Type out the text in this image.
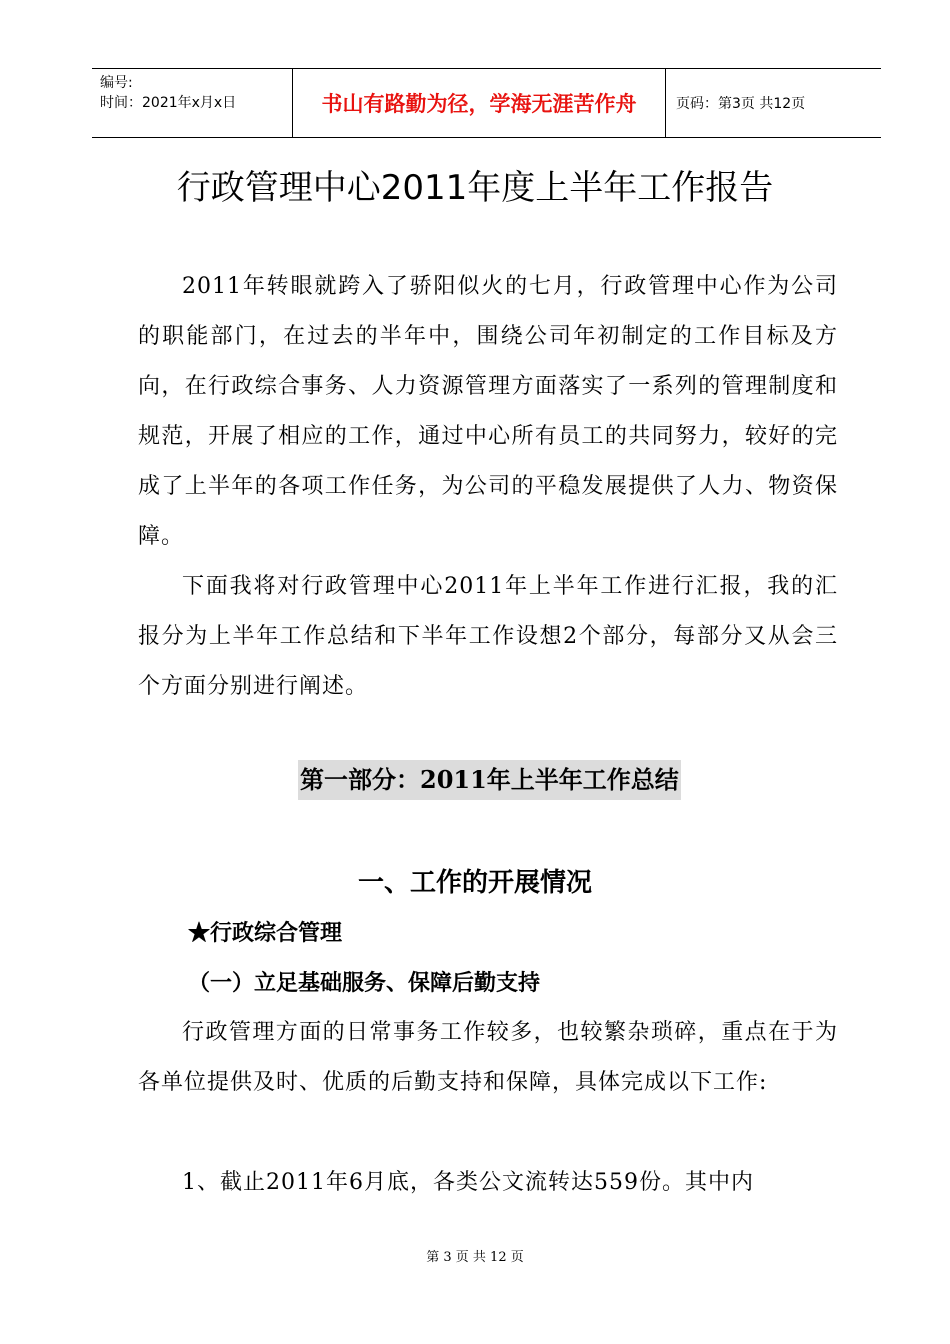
编号:
时间：2021年x月x日	书山有路勤为径，学海无涯苦作舟	页码：第3页 共12页
行政管理中心2011年度上半年工作报告
2011年转眼就跨入了骄阳似火的七月，行政管理中心作为公司的职能部门，在过去的半年中，围绕公司年初制定的工作目标及方向，在行政综合事务、人力资源管理方面落实了一系列的管理制度和规范，开展了相应的工作，通过中心所有员工的共同努力，较好的完成了上半年的各项工作任务，为公司的平稳发展提供了人力、物资保障。
下面我将对行政管理中心2011年上半年工作进行汇报，我的汇报分为上半年工作总结和下半年工作设想2个部分，每部分又从会三个方面分别进行阐述。
第一部分：2011年上半年工作总结
一、工作的开展情况
★行政综合管理
（一）立足基础服务、保障后勤支持
行政管理方面的日常事务工作较多，也较繁杂琐碎，重点在于为各单位提供及时、优质的后勤支持和保障，具体完成以下工作:
1、截止2011年6月底，各类公文流转达559份。其中内
第 3 页 共 12 页
